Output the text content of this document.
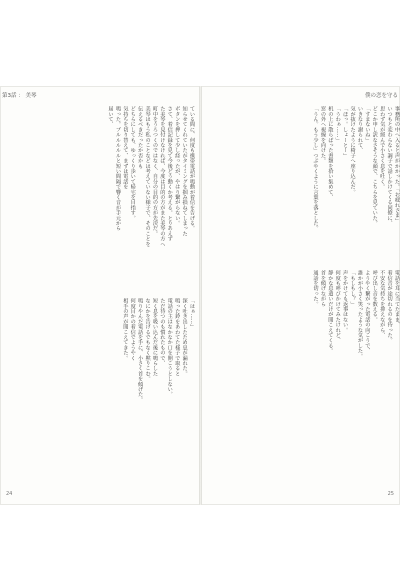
第3話 ： 美琴
ている間に、何度も携帯電話が鳴動が着信を告げる。
知らせてくれていたがタイミングを掴み損ねてしまった
ボタンを押して少し経ったが、やはり繋がらない。
さて、着信記録を見て今後どう動くか考える。とりあえず
た美琴を見付けなければ、今度は目的の方がまた美琴の方へ
町中をうろつくのではなく、自分の目的の方が先決だ。
美琴はもう私のことなどは考えていない様子で、そのことを
伝えるべきだったか否かも
どちらにしても、ゆっくり歩いて帰宅を目指す。
気持ちを切り替えて、まずは電話を
鳴った。プルルルルルと短い間隔で響く音が手元から
届いて、
「はぁ……」
深く吐き出したため息が漏れた。
鳴った鈴をあわてた様子で取ると
電話の主はなかなか口を開こうとしない。
ただ待つのも慣れたもので、
短く息を吸い込んだ後に鳴らした
なにかを告げるでもなく黙りこむ。
鳴りやんだ電話を手に、小さく首を傾げた。
何度目かの着信でようやく
相手の声が聞こえてきた。
24
僕の恋を守る
事務所の中へ入ると声がかかった。「お疲れさま」
いつもと変わらない調子で話しかけてくる同僚に、
思わず気が緩んで小さく息を吐く。
どこか申し訳なさそうな顔で、こちらを見ていた。
「すまないね」
いきなり謝られて、
気が抜けたように椅子へ座り込んだ。
「ほっ。しょーとー」
「うわぁ……」
机の上に散らばった書類を拾い集めて、
窓の外へ視線を向けた。
「うん。もう少し」つぶやくように言葉を落とした。
電話を耳に当てたまま、
着信音が途切れるのを待った。
不安な気持ちを抑えながら、
呼び出し音を数える。
ようやく繋がった電話の向こうで、
誰かが小さく笑ったような気がした。
「もしもし？」
声をかけても返事はない。
何度も呼びかけてみたけれど、
静かな息遣いだけが聞こえてくる。
首を傾げながら
通話を切った。
25
